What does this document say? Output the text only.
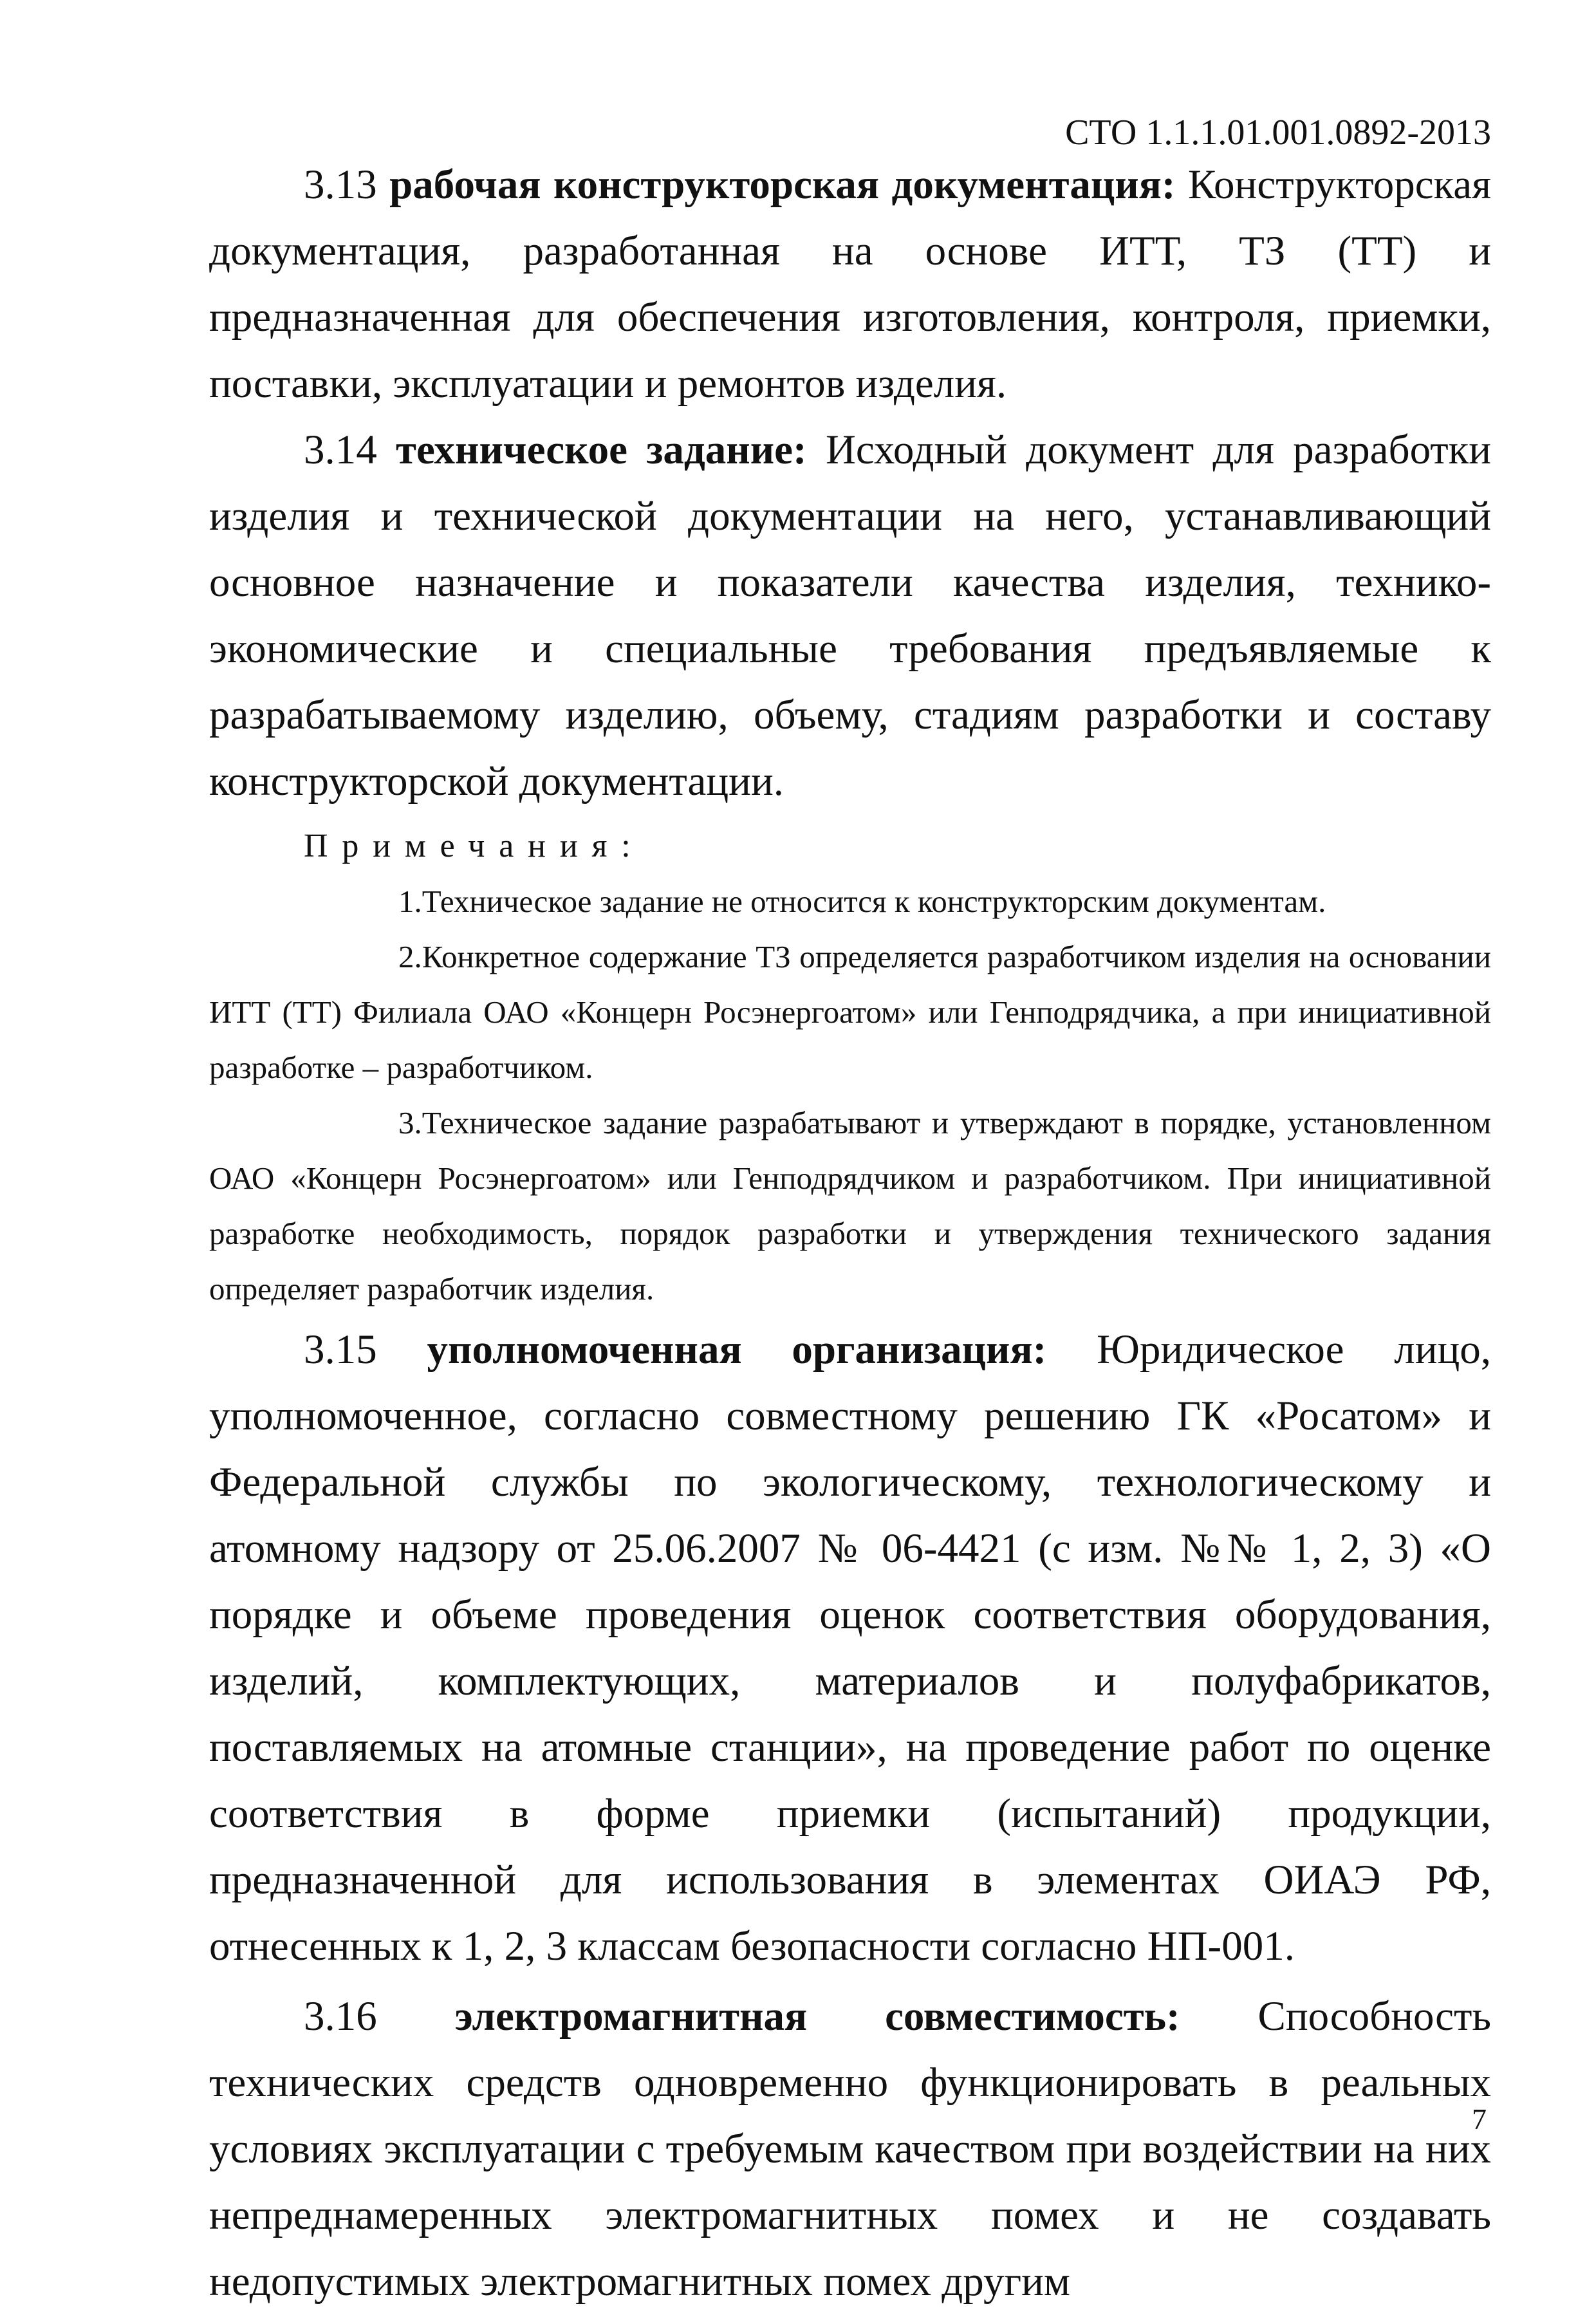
СТО 1.1.1.01.001.0892-2013

3.13 рабочая конструкторская документация: Конструкторская документация, разработанная на основе ИТТ, ТЗ (ТТ) и предназначенная для обеспечения изготовления, контроля, приемки, поставки, эксплуатации и ремонтов изделия.

3.14 техническое задание: Исходный документ для разработки изделия и технической документации на него, устанавливающий основное назначение и показатели качества изделия, технико-экономические и специальные требования предъявляемые к разрабатываемому изделию, объему, стадиям разработки и составу конструкторской документации.

Примечания:

1.Техническое задание не относится к конструкторским документам.

2.Конкретное содержание ТЗ определяется разработчиком изделия на основании ИТТ (ТТ) Филиала ОАО «Концерн Росэнергоатом» или Генподрядчика, а при инициативной разработке – разработчиком.

3.Техническое задание разрабатывают и утверждают в порядке, установленном ОАО «Концерн Росэнергоатом» или Генподрядчиком и разработчиком. При инициативной разработке необходимость, порядок разработки и утверждения технического задания определяет разработчик изделия.

3.15 уполномоченная организация: Юридическое лицо, уполномоченное, согласно совместному решению ГК «Росатом» и Федеральной службы по экологическому, технологическому и атомному надзору от 25.06.2007 № 06-4421 (с изм. №№ 1, 2, 3) «О порядке и объеме проведения оценок соответствия оборудования, изделий, комплектующих, материалов и полуфабрикатов, поставляемых на атомные станции», на проведение работ по оценке соответствия в форме приемки (испытаний) продукции, предназначенной для использования в элементах ОИАЭ РФ, отнесенных к 1, 2, 3 классам безопасности согласно НП-001.

3.16 электромагнитная совместимость: Способность технических средств одновременно функционировать в реальных условиях эксплуатации с требуемым качеством при воздействии на них непреднамеренных электромагнитных помех и не создавать недопустимых электромагнитных помех другим

7
